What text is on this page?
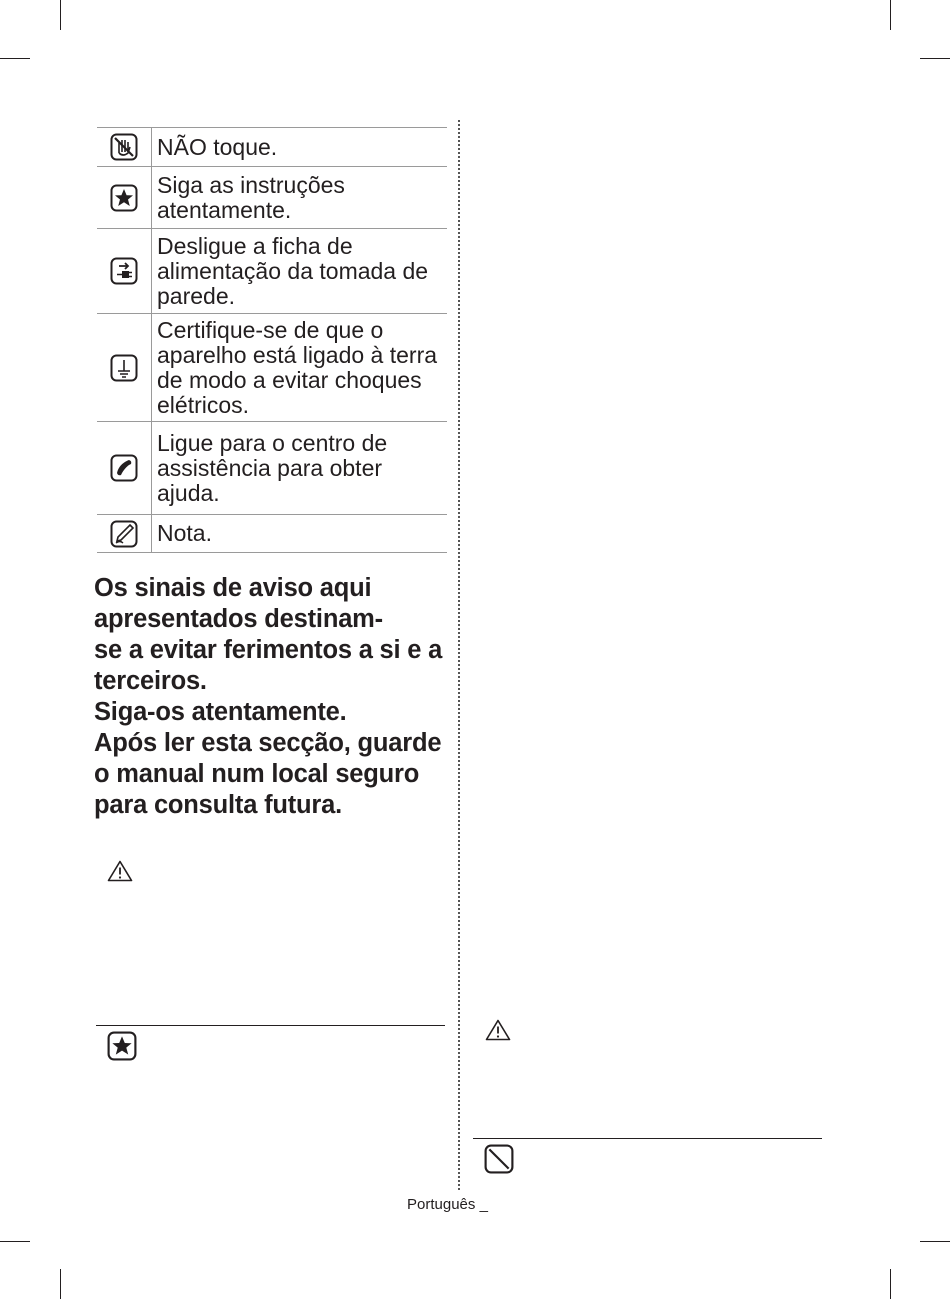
	NÃO toque.
	Siga as instruções atentamente.
	Desligue a ficha de alimentação da tomada de parede.
	Certifique-se de que o aparelho está ligado à terra de modo a evitar choques elétricos.
	Ligue para o centro de assistência para obter ajuda.
	Nota.

Os sinais de aviso aqui

apresentados destinam-

se a evitar ferimentos a si e a

terceiros.

Siga-os atentamente.

Após ler esta secção, guarde

o manual num local seguro

para consulta futura.

Português _
